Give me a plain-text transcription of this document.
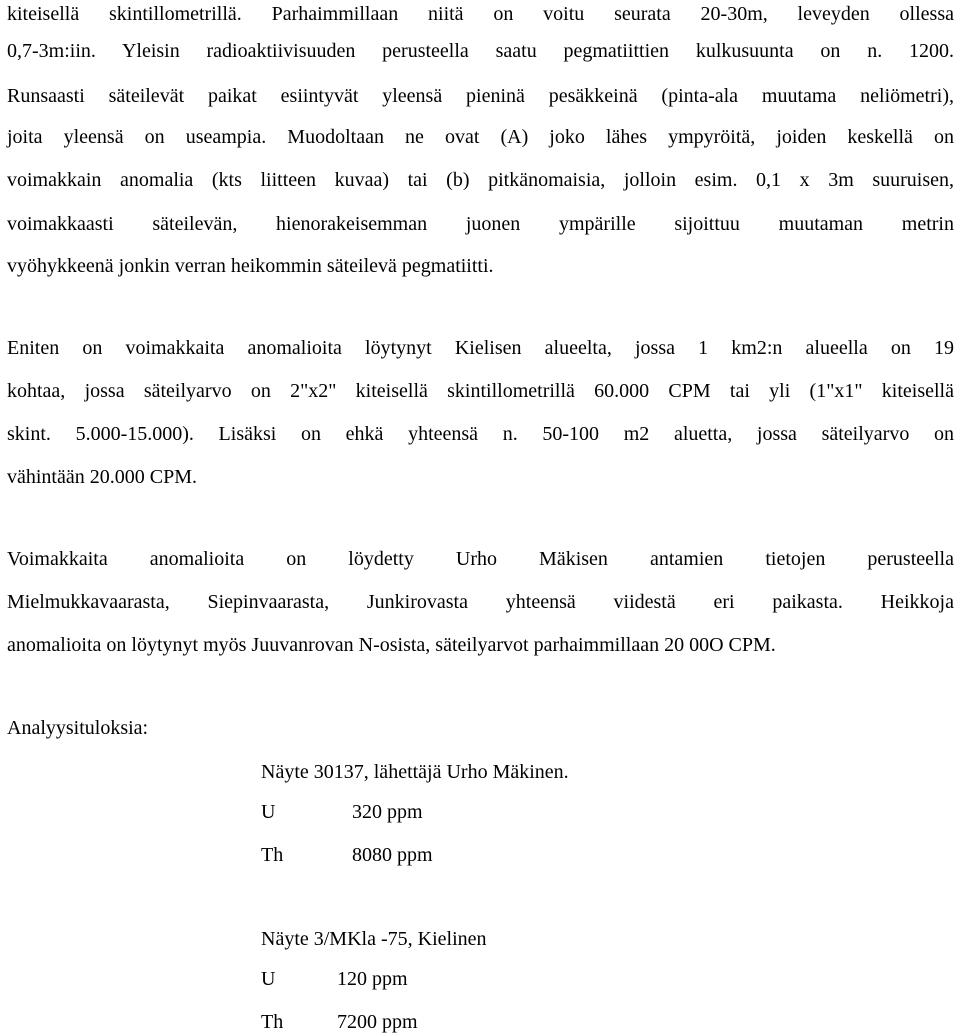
kiteisellä skintillometrillä. Parhaimmillaan niitä on voitu seurata 20-30m, leveyden ollessa
0,7-3m:iin. Yleisin radioaktiivisuuden perusteella saatu pegmatiittien kulkusuunta on n. 1200.
Runsaasti säteilevät paikat esiintyvät yleensä pieninä pesäkkeinä (pinta-ala muutama neliömetri),
joita yleensä on useampia. Muodoltaan ne ovat (A) joko lähes ympyröitä, joiden keskellä on
voimakkain anomalia (kts liitteen kuvaa) tai (b) pitkänomaisia, jolloin esim. 0,1 x 3m suuruisen,
voimakkaasti säteilevän, hienorakeisemman juonen ympärille sijoittuu muutaman metrin
vyöhykkeenä jonkin verran heikommin säteilevä pegmatiitti.
Eniten on voimakkaita anomalioita löytynyt Kielisen alueelta, jossa 1 km2:n alueella on 19
kohtaa, jossa säteilyarvo on 2"x2" kiteisellä skintillometrillä 60.000 CPM tai yli (1"x1" kiteisellä
skint. 5.000-15.000). Lisäksi on ehkä yhteensä n. 50-100 m2 aluetta, jossa säteilyarvo on
vähintään 20.000 CPM.
Voimakkaita anomalioita on löydetty Urho Mäkisen antamien tietojen perusteella
Mielmukkavaarasta, Siepinvaarasta, Junkirovasta yhteensä viidestä eri paikasta. Heikkoja
anomalioita on löytynyt myös Juuvanrovan N-osista, säteilyarvot parhaimmillaan 20 00O CPM.
Analyysituloksia:
Näyte 30137, lähettäjä Urho Mäkinen.
U	320 ppm
Th	8080 ppm
Näyte 3/MKla -75, Kielinen
U	120 ppm
Th	7200 ppm
